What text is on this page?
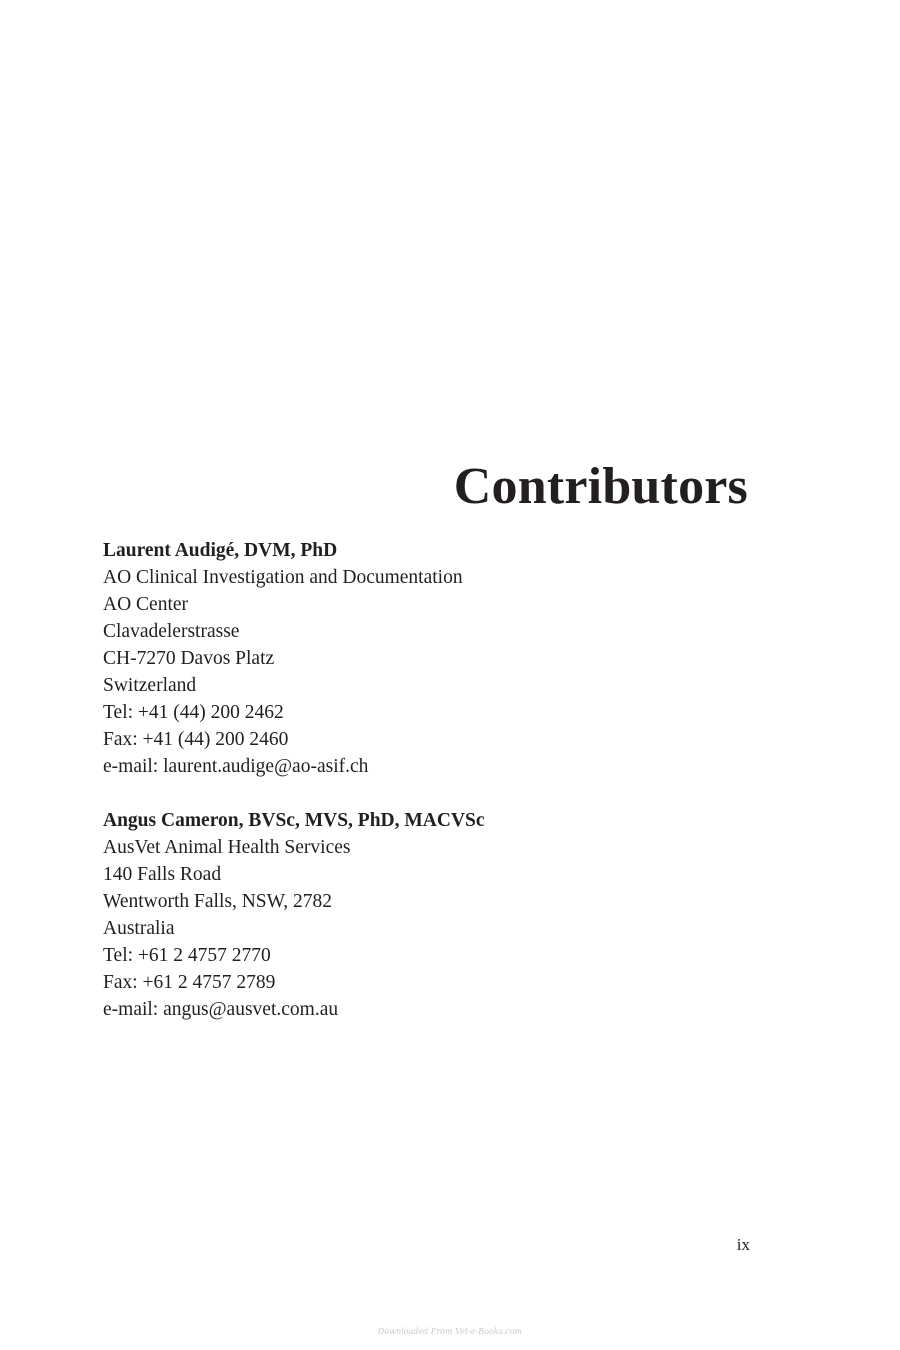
Contributors
Laurent Audigé, DVM, PhD
AO Clinical Investigation and Documentation
AO Center
Clavadelerstrasse
CH-7270 Davos Platz
Switzerland
Tel: +41 (44) 200 2462
Fax: +41 (44) 200 2460
e-mail: laurent.audige@ao-asif.ch
Angus Cameron, BVSc, MVS, PhD, MACVSc
AusVet Animal Health Services
140 Falls Road
Wentworth Falls, NSW, 2782
Australia
Tel: +61 2 4757 2770
Fax: +61 2 4757 2789
e-mail: angus@ausvet.com.au
ix
Downloaded From Vet-e-Books.com
